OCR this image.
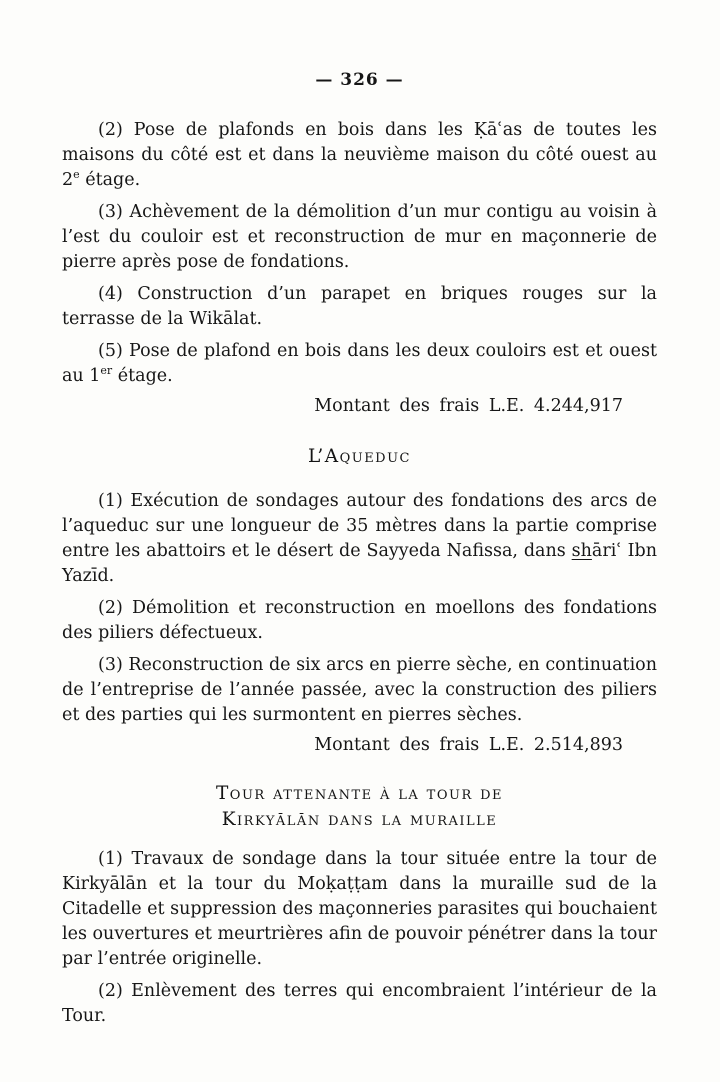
— 326 —

(2) Pose de plafonds en bois dans les Ḳāʿas de toutes les maisons du côté est et dans la neuvième maison du côté ouest au 2e étage.

(3) Achèvement de la démolition d’un mur contigu au voisin à l’est du couloir est et reconstruction de mur en maçonnerie de pierre après pose de fondations.

(4) Construction d’un parapet en briques rouges sur la terrasse de la Wikālat.

(5) Pose de plafond en bois dans les deux couloirs est et ouest au 1er étage.

Montant des frais L.E. 4.244,917

L’Aqueduc

(1) Exécution de sondages autour des fondations des arcs de l’aqueduc sur une longueur de 35 mètres dans la partie comprise entre les abattoirs et le désert de Sayyeda Nafissa, dans shāriʿ Ibn Yazīd.

(2) Démolition et reconstruction en moellons des fondations des piliers défectueux.

(3) Reconstruction de six arcs en pierre sèche, en continuation de l’entreprise de l’année passée, avec la construction des piliers et des parties qui les surmontent en pierres sèches.

Montant des frais L.E. 2.514,893

Tour attenante à la tour de
Kirkyālān dans la muraille

(1) Travaux de sondage dans la tour située entre la tour de Kirkyālān et la tour du Moḳaṭṭam dans la muraille sud de la Citadelle et suppression des maçonneries parasites qui bouchaient les ouvertures et meurtrières afin de pouvoir pénétrer dans la tour par l’entrée originelle.

(2) Enlèvement des terres qui encombraient l’intérieur de la Tour.
